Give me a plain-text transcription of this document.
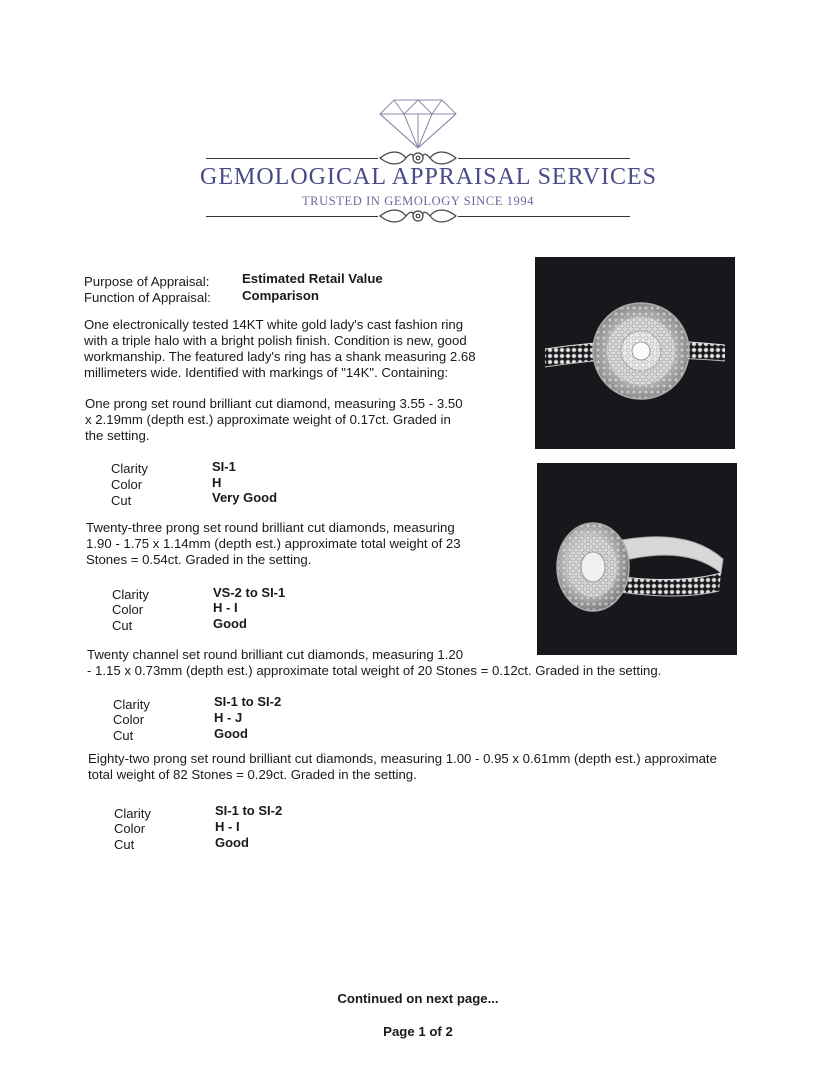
GEMOLOGICAL APPRAISAL SERVICES
TRUSTED IN GEMOLOGY SINCE 1994
Purpose of Appraisal: Estimated Retail Value
Function of Appraisal: Comparison
One electronically tested 14KT white gold lady's cast fashion ring
with a triple halo with a bright polish finish. Condition is new, good
workmanship. The featured lady's ring has a shank measuring 2.68
millimeters wide. Identified with markings of "14K". Containing:
One prong set round brilliant cut diamond, measuring 3.55 - 3.50
x 2.19mm (depth est.) approximate weight of 0.17ct. Graded in
the setting.
Clarity	SI-1
Color	H
Cut	Very Good
Twenty-three prong set round brilliant cut diamonds, measuring
1.90 - 1.75 x 1.14mm (depth est.) approximate total weight of 23
Stones = 0.54ct. Graded in the setting.
Clarity	VS-2 to SI-1
Color	H - I
Cut	Good
Twenty channel set round brilliant cut diamonds, measuring 1.20
- 1.15 x 0.73mm (depth est.) approximate total weight of 20 Stones = 0.12ct. Graded in the setting.
Clarity	SI-1 to SI-2
Color	H - J
Cut	Good
Eighty-two prong set round brilliant cut diamonds, measuring 1.00 - 0.95 x 0.61mm (depth est.) approximate
total weight of 82 Stones = 0.29ct. Graded in the setting.
Clarity	SI-1 to SI-2
Color	H - I
Cut	Good
Continued on next page...
Page 1 of 2
